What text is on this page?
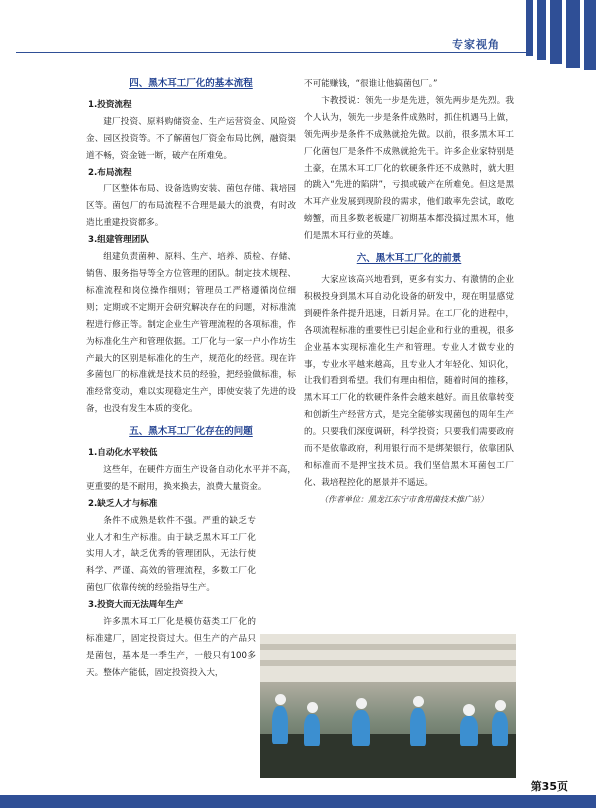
专家视角
四、黑木耳工厂化的基本流程
1.投资流程

建厂投资、原料购储资金、生产运营资金、风险资金、园区投资等。不了解菌包厂资金布局比例，融资渠道不畅，资金链一断，破产在所难免。

2.布局流程

厂区整体布局、设备选购安装、菌包存储、栽培园区等。菌包厂的布局流程不合理是最大的浪费，有时改造比重建投资都多。

3.组建管理团队

组建负责菌种、原料、生产、培养、质检、存储、销售、服务指导等全方位管理的团队。制定技术规程、标准流程和岗位操作细则；管理员工严格遵循岗位细则；定期或不定期开会研究解决存在的问题，对标准流程进行修正等。制定企业生产管理流程的各项标准，作为标准化生产和管理依据。工厂化与一家一户小作坊生产最大的区别是标准化的生产，规范化的经营。现在许多菌包厂的标准就是技术员的经验，把经验做标准，标准经常变动，难以实现稳定生产，即使安装了先进的设备，也没有发生本质的变化。

五、黑木耳工厂化存在的问题
1.自动化水平较低

这些年，在硬件方面生产设备自动化水平并不高，更重要的是不耐用，换来换去，浪费大量资金。

2.缺乏人才与标准

条件不成熟是软件不强。严重的缺乏专业人才和生产标准。由于缺乏黑木耳工厂化实用人才，缺乏优秀的管理团队，无法行使科学、严谨、高效的管理流程，多数工厂化菌包厂依靠传统的经验指导生产。

3.投资大而无法周年生产

许多黑木耳工厂化是模仿菇类工厂化的标准建厂，固定投资过大。但生产的产品只是菌包，基本是一季生产，一般只有100多天。整体产能低，固定投资投入大，

不可能赚钱，“很谁让他搞菌包厂。”

卞教授说：领先一步是先进，领先两步是先烈。我个人认为，领先一步是条件成熟时，抓住机遇马上做，领先两步是条件不成熟就抢先做。以前，很多黑木耳工厂化菌包厂是条件不成熟就抢先干。许多企业家特别是土豪，在黑木耳工厂化的软硬条件还不成熟时，就大胆的跳入“先进的陷阱”，亏损或破产在所难免。但这是黑木耳产业发展到现阶段的需求，他们敢率先尝试，敢吃螃蟹，而且多数老板建厂初期基本都没搞过黑木耳，他们是黑木耳行业的英雄。

六、黑木耳工厂化的前景

大家应该高兴地看到，更多有实力、有激情的企业积极投身到黑木耳自动化设备的研发中，现在明显感觉到硬件条件提升迅速，日新月异。在工厂化的进程中，各项流程标准的重要性已引起企业和行业的重视，很多企业基本实现标准化生产和管理。专业人才做专业的事，专业水平越来越高，且专业人才年轻化、知识化，让我们看到希望。我们有理由相信，随着时间的推移，黑木耳工厂化的软硬件条件会越来越好。而且依靠转变和创新生产经营方式，是完全能够实现菌包的周年生产的。只要我们深度调研，科学投资；只要我们需要政府而不是依靠政府，利用银行而不是绑架银行，依靠团队和标准而不是押宝技术员。我们坚信黑木耳菌包工厂化、栽培程控化的愿景并不遥远。

（作者单位：黑龙江东宁市食用菌技术推广站）

第35页
